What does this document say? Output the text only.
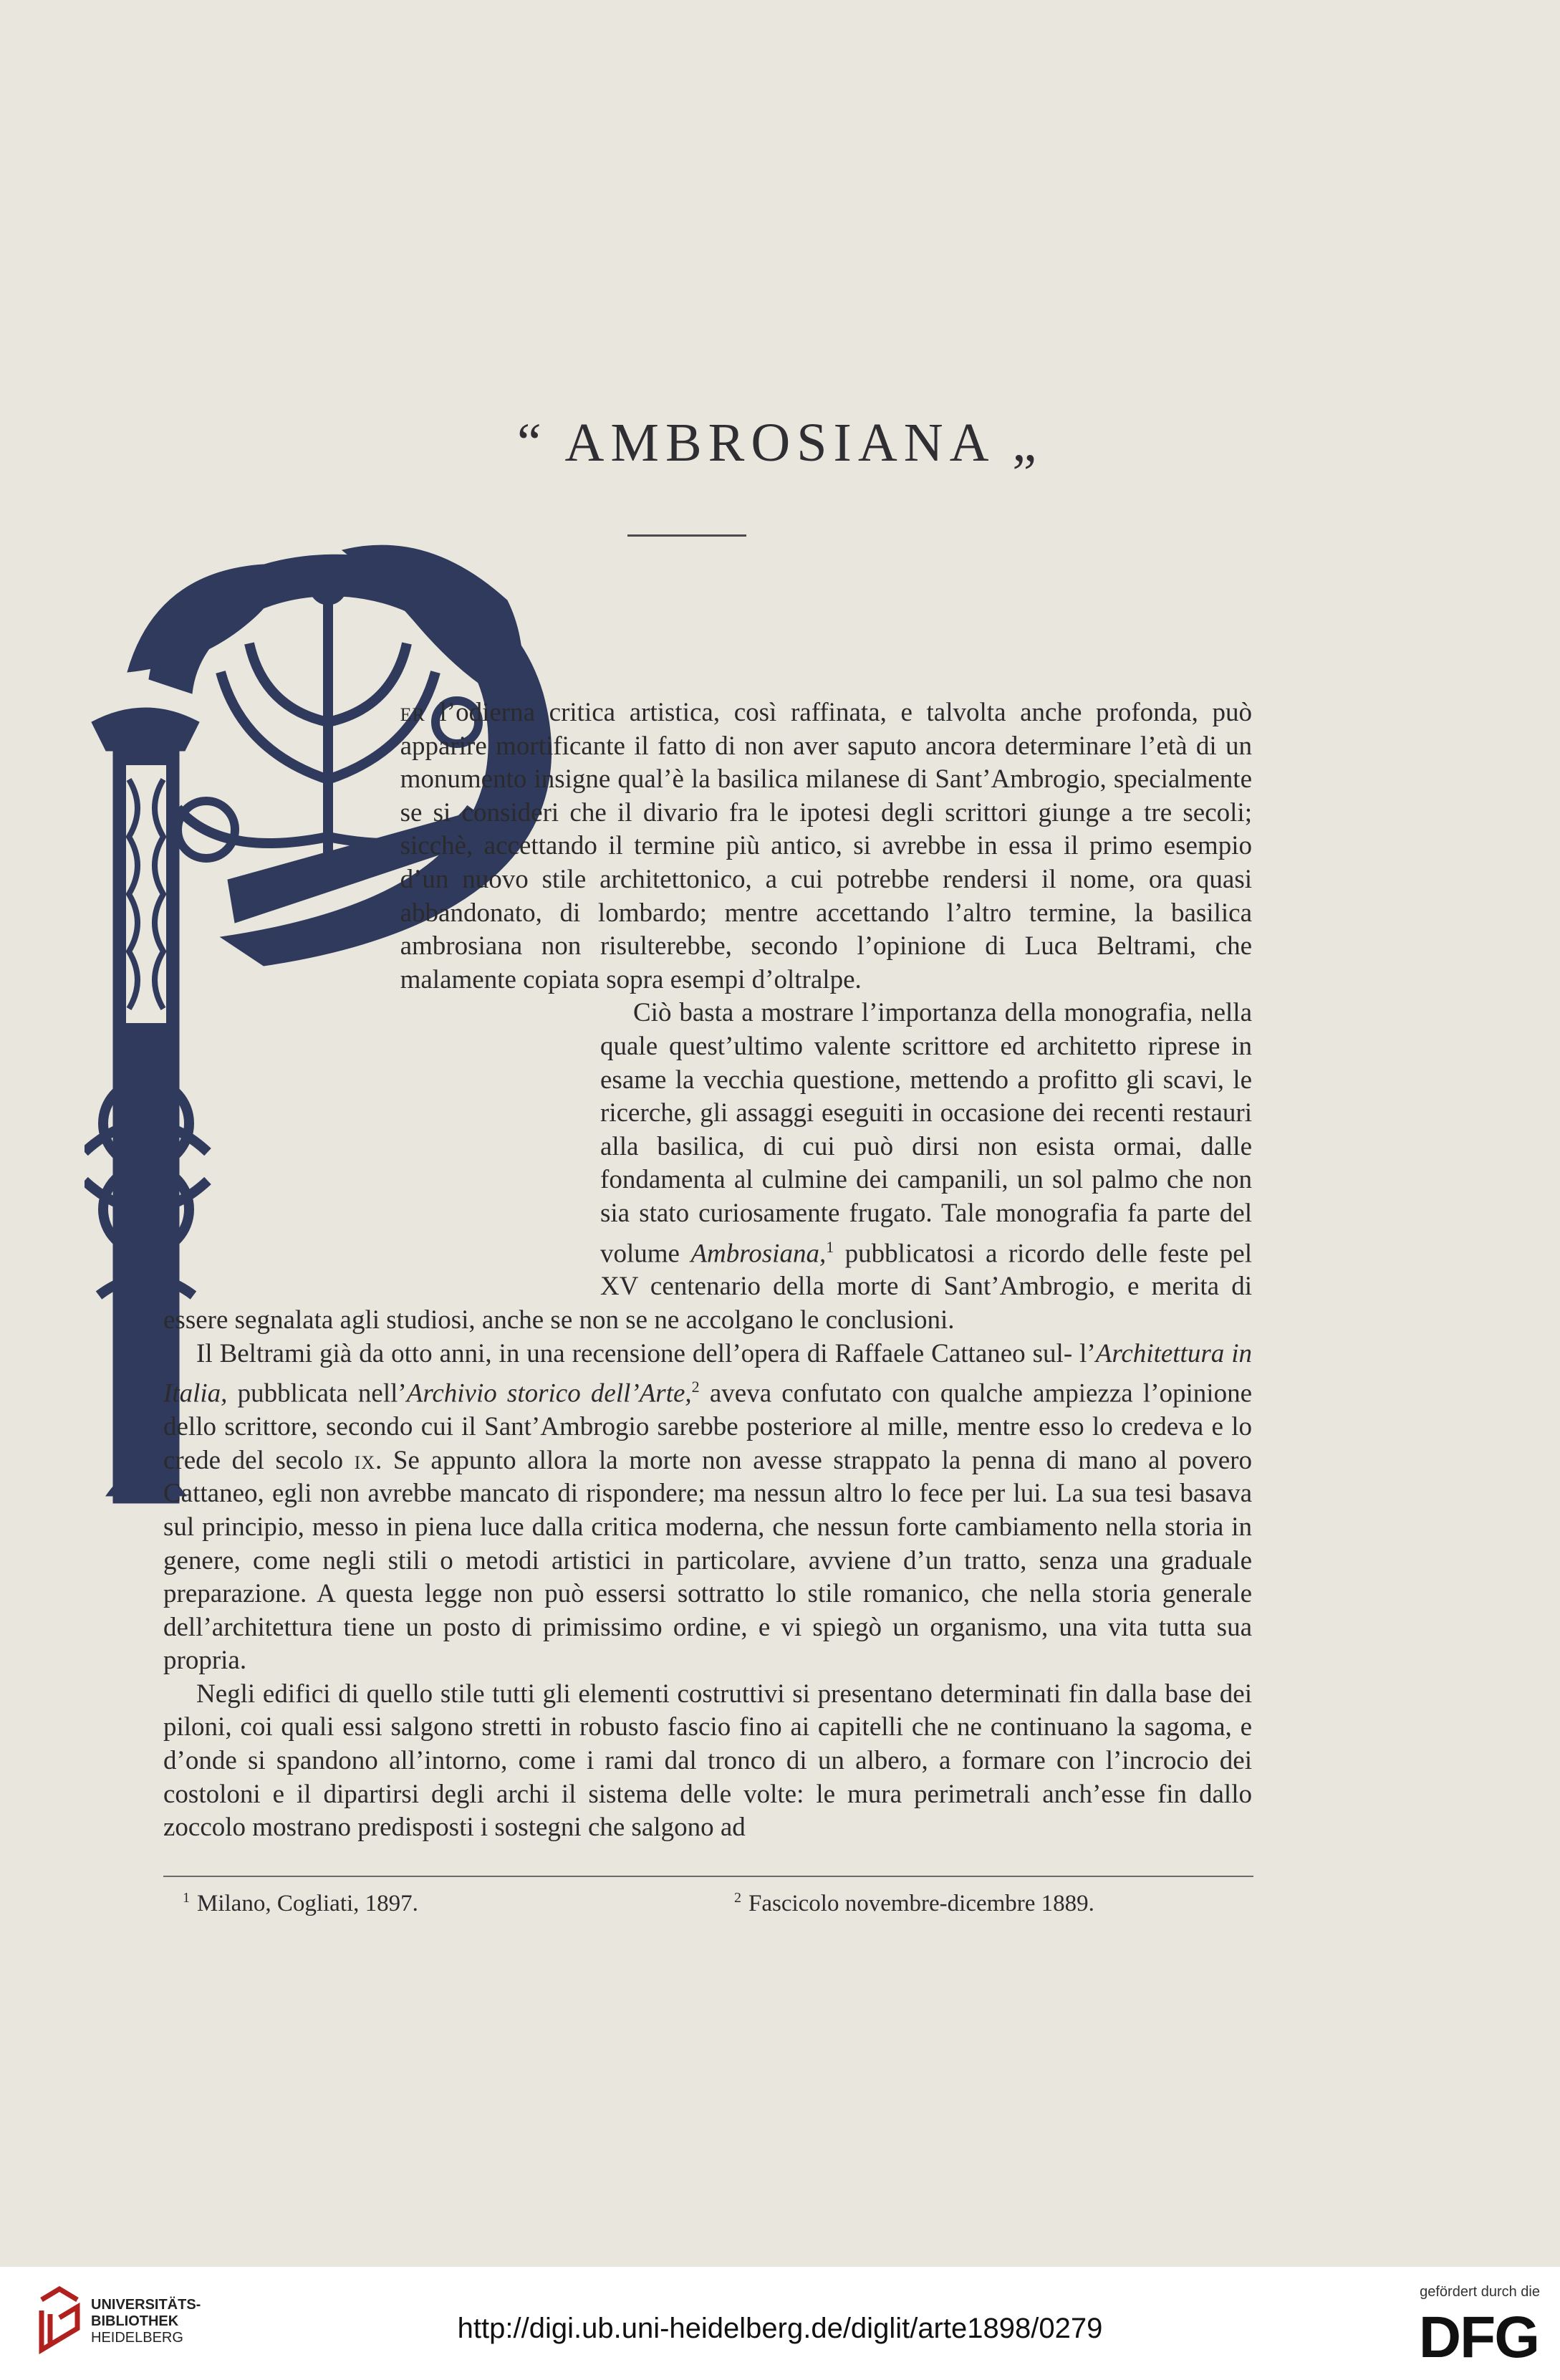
“ AMBROSIANA „

er l’odierna critica artistica, così raffinata, e talvolta anche profonda, può apparire mortificante il fatto di non aver saputo ancora determinare l’età di un monumento insigne qual’è la basilica milanese di Sant’Ambrogio, specialmente se si consideri che il divario fra le ipotesi degli scrittori giunge a tre secoli; sicchè, accettando il termine più antico, si avrebbe in essa il primo esempio d’un nuovo stile architettonico, a cui potrebbe rendersi il nome, ora quasi abbandonato, di lombardo; mentre accettando l’altro termine, la basilica ambrosiana non risulterebbe, secondo l’opinione di Luca Beltrami, che malamente copiata sopra esempi d’oltralpe.

Ciò basta a mostrare l’importanza della monografia, nella quale quest’ultimo valente scrittore ed architetto riprese in esame la vecchia questione, mettendo a profitto gli scavi, le ricerche, gli assaggi eseguiti in occasione dei recenti restauri alla basilica, di cui può dirsi non esista ormai, dalle fondamenta al culmine dei campanili, un sol palmo che non sia stato curiosamente frugato. Tale monografia fa parte del volume Ambrosiana,$^1$ pubblicatosi a ricordo delle feste pel XV centenario della morte di Sant’Ambrogio, e merita di essere segnalata agli studiosi, anche se non se ne accolgano le conclusioni.

Il Beltrami già da otto anni, in una recensione dell’opera di Raffaele Cattaneo sul- l’Architettura in Italia, pubblicata nell’Archivio storico dell’Arte,$^2$ aveva confutato con qualche ampiezza l’opinione dello scrittore, secondo cui il Sant’Ambrogio sarebbe posteriore al mille, mentre esso lo credeva e lo crede del secolo ix. Se appunto allora la morte non avesse strappato la penna di mano al povero Cattaneo, egli non avrebbe mancato di rispondere; ma nessun altro lo fece per lui. La sua tesi basava sul principio, messo in piena luce dalla critica moderna, che nessun forte cambiamento nella storia in genere, come negli stili o metodi artistici in particolare, avviene d’un tratto, senza una graduale preparazione. A questa legge non può essersi sottratto lo stile romanico, che nella storia generale dell’architettura tiene un posto di primissimo ordine, e vi spiegò un organismo, una vita tutta sua propria.

Negli edifici di quello stile tutti gli elementi costruttivi si presentano determinati fin dalla base dei piloni, coi quali essi salgono stretti in robusto fascio fino ai capitelli che ne continuano la sagoma, e d’onde si spandono all’intorno, come i rami dal tronco di un albero, a formare con l’incrocio dei costoloni e il dipartirsi degli archi il sistema delle volte: le mura perimetrali anch’esse fin dallo zoccolo mostrano predisposti i sostegni che salgono ad

$^1$ Milano, Cogliati, 1897.	$^2$ Fascicolo novembre-dicembre 1889.
UNIVERSITÄTS-
BIBLIOTHEK
HEIDELBERG	http://digi.ub.uni-heidelberg.de/diglit/arte1898/0279
gefördert durch die
DFG
